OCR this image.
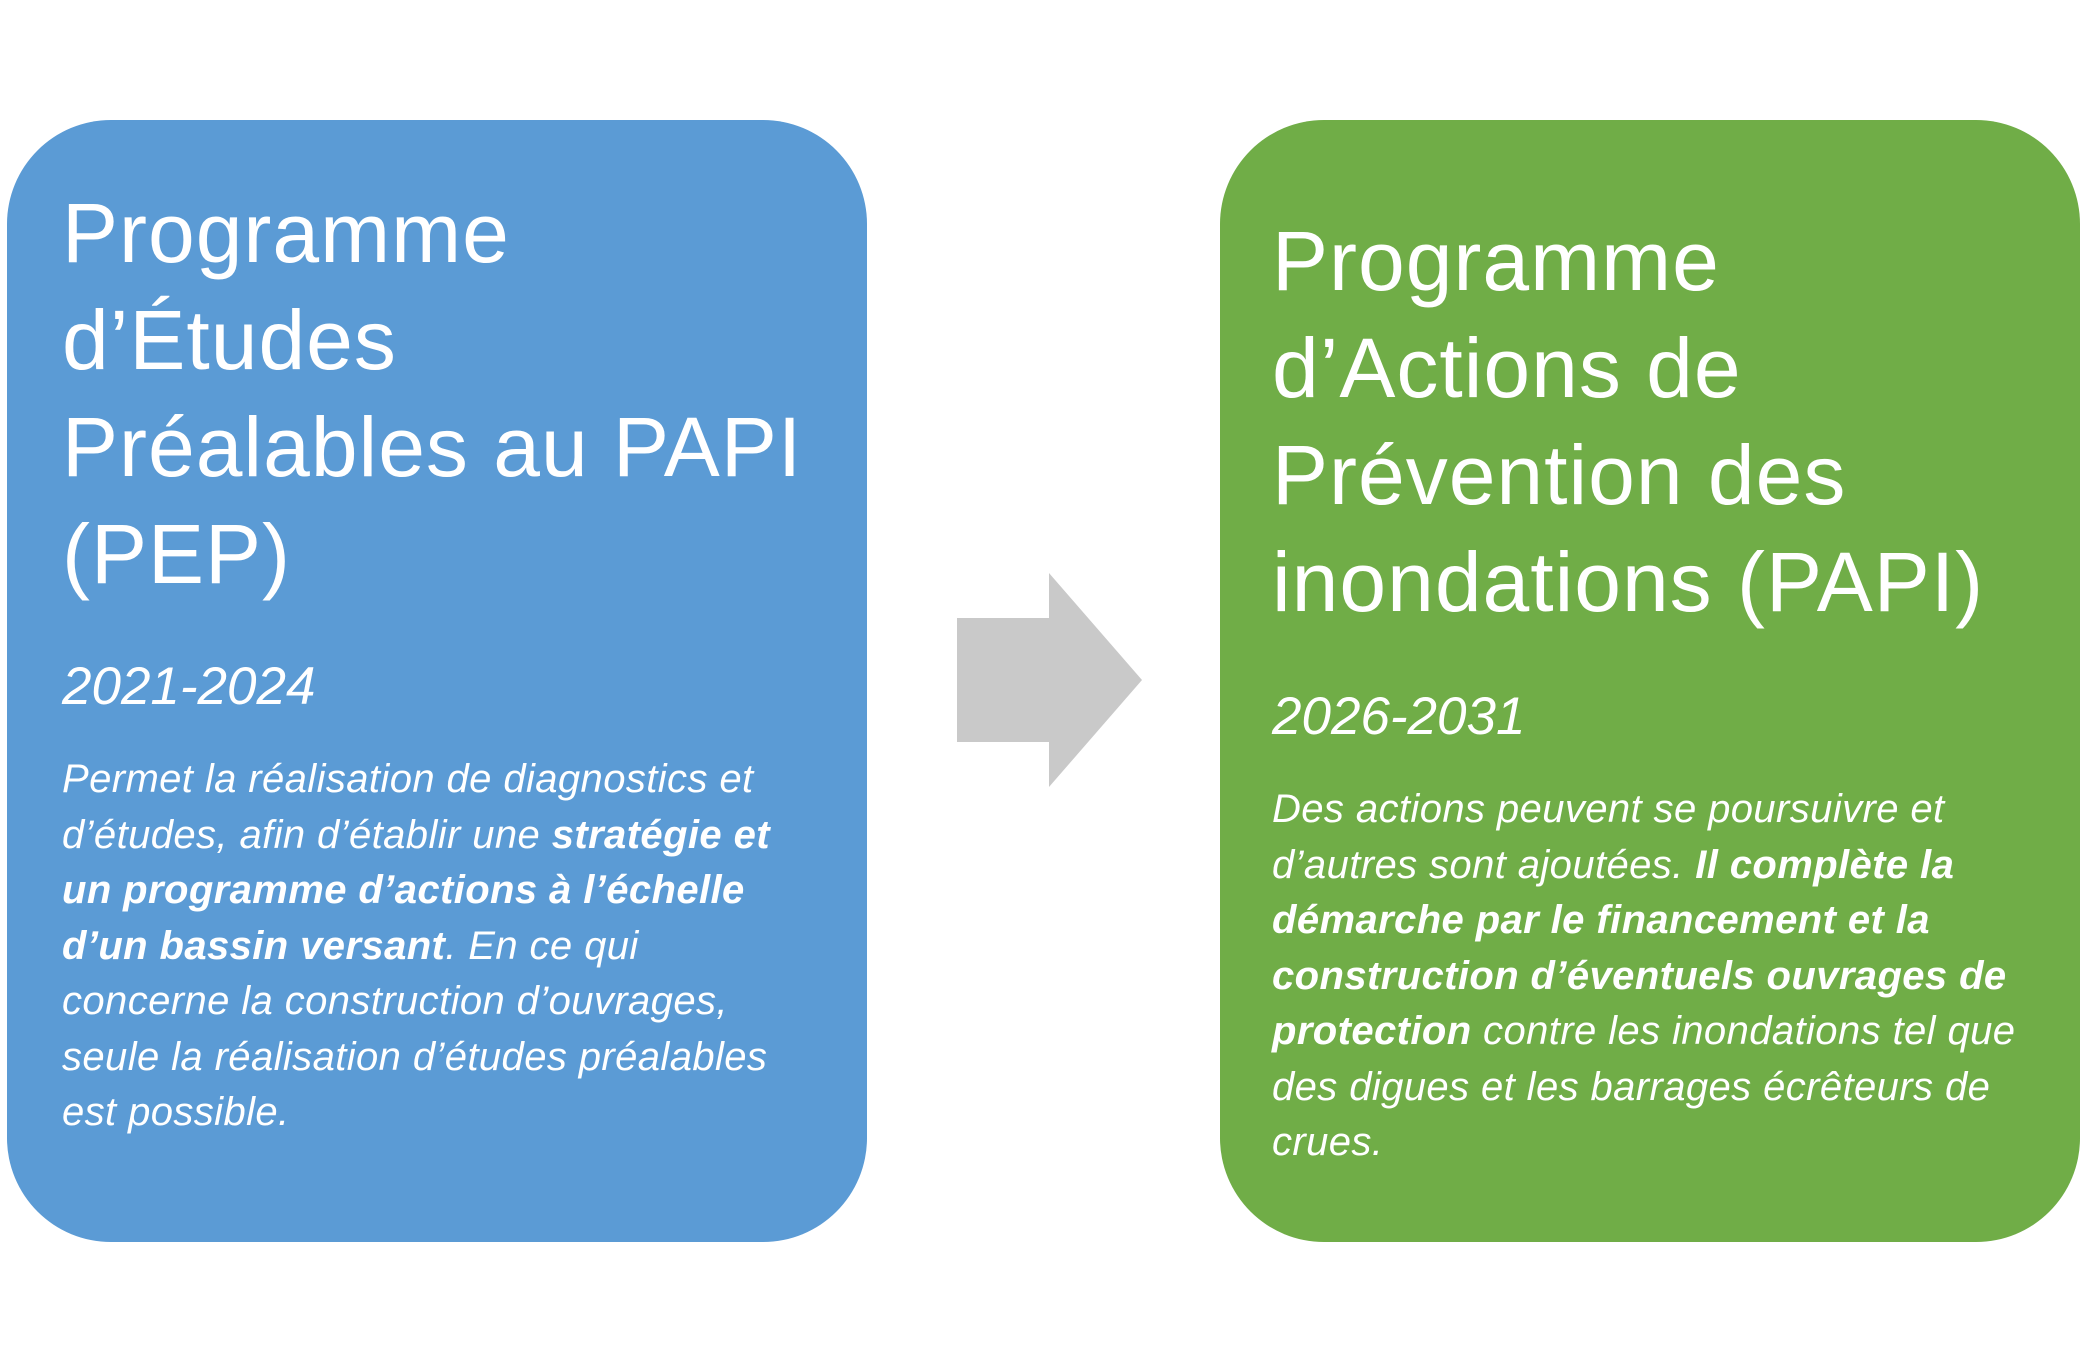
Programme
d’Études
Préalables au PAPI
(PEP)
2021-2024

Permet la réalisation de diagnostics et d’études, afin d’établir une stratégie et un programme d’actions à l’échelle d’un bassin versant. En ce qui concerne la construction d’ouvrages, seule la réalisation d’études préalables est possible.

Programme
d’Actions de
Prévention des
inondations (PAPI)
2026-2031

Des actions peuvent se poursuivre et d’autres sont ajoutées. Il complète la démarche par le financement et la construction d’éventuels ouvrages de protection contre les inondations tel que des digues et les barrages écrêteurs de crues.
